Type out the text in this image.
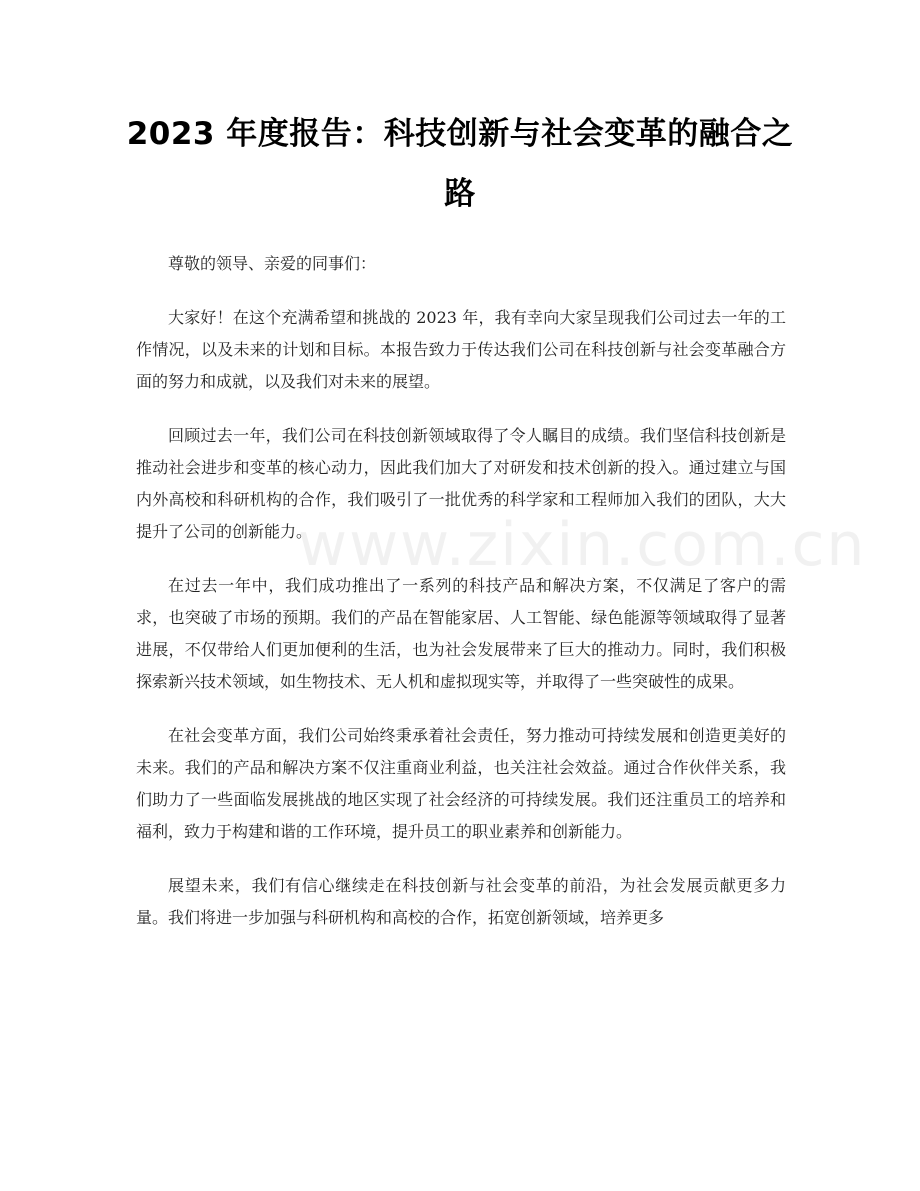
2023 年度报告：科技创新与社会变革的融合之路

尊敬的领导、亲爱的同事们：

大家好！在这个充满希望和挑战的 2023 年，我有幸向大家呈现我们公司过去一年的工作情况，以及未来的计划和目标。本报告致力于传达我们公司在科技创新与社会变革融合方面的努力和成就，以及我们对未来的展望。

回顾过去一年，我们公司在科技创新领域取得了令人瞩目的成绩。我们坚信科技创新是推动社会进步和变革的核心动力，因此我们加大了对研发和技术创新的投入。通过建立与国内外高校和科研机构的合作，我们吸引了一批优秀的科学家和工程师加入我们的团队，大大提升了公司的创新能力。

在过去一年中，我们成功推出了一系列的科技产品和解决方案，不仅满足了客户的需求，也突破了市场的预期。我们的产品在智能家居、人工智能、绿色能源等领域取得了显著进展，不仅带给人们更加便利的生活，也为社会发展带来了巨大的推动力。同时，我们积极探索新兴技术领域，如生物技术、无人机和虚拟现实等，并取得了一些突破性的成果。

在社会变革方面，我们公司始终秉承着社会责任，努力推动可持续发展和创造更美好的未来。我们的产品和解决方案不仅注重商业利益，也关注社会效益。通过合作伙伴关系，我们助力了一些面临发展挑战的地区实现了社会经济的可持续发展。我们还注重员工的培养和福利，致力于构建和谐的工作环境，提升员工的职业素养和创新能力。

展望未来，我们有信心继续走在科技创新与社会变革的前沿，为社会发展贡献更多力量。我们将进一步加强与科研机构和高校的合作，拓宽创新领域，培养更多

www.zixin.com.cn
